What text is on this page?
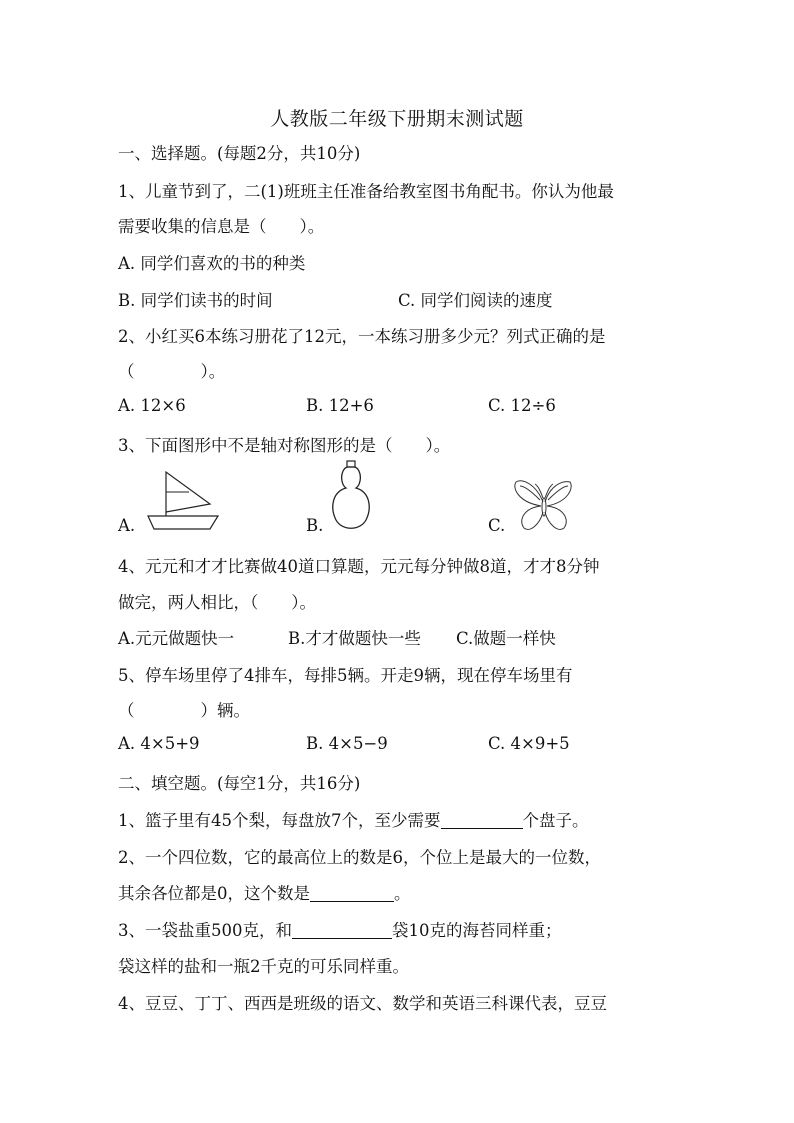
人教版二年级下册期末测试题
一、选择题。(每题2分，共10分)
1、儿童节到了，二(1)班班主任准备给教室图书角配书。你认为他最
需要收集的信息是（　　）。
A. 同学们喜欢的书的种类
B. 同学们读书的时间	C. 同学们阅读的速度
2、小红买6本练习册花了12元，一本练习册多少元？列式正确的是
（　　　　）。
A. 12×6	B. 12+6	C. 12÷6
3、下面图形中不是轴对称图形的是（　　）。
A.	B.	C.
4、元元和才才比赛做40道口算题，元元每分钟做8道，才才8分钟
做完，两人相比，（　　）。
A.元元做题快一	B.才才做题快一些 C.做题一样快
5、停车场里停了4排车，每排5辆。开走9辆，现在停车场里有
（　　　　）辆。
A. 4×5+9	B. 4×5−9	C. 4×9+5
二、填空题。(每空1分，共16分)
1、篮子里有45个梨，每盘放7个，至少需要	个盘子。
2、一个四位数，它的最高位上的数是6，个位上是最大的一位数，
其余各位都是0，这个数是	。
3、一袋盐重500克，和	袋10克的海苔同样重；
袋这样的盐和一瓶2千克的可乐同样重。
4、豆豆、丁丁、西西是班级的语文、数学和英语三科课代表，豆豆
